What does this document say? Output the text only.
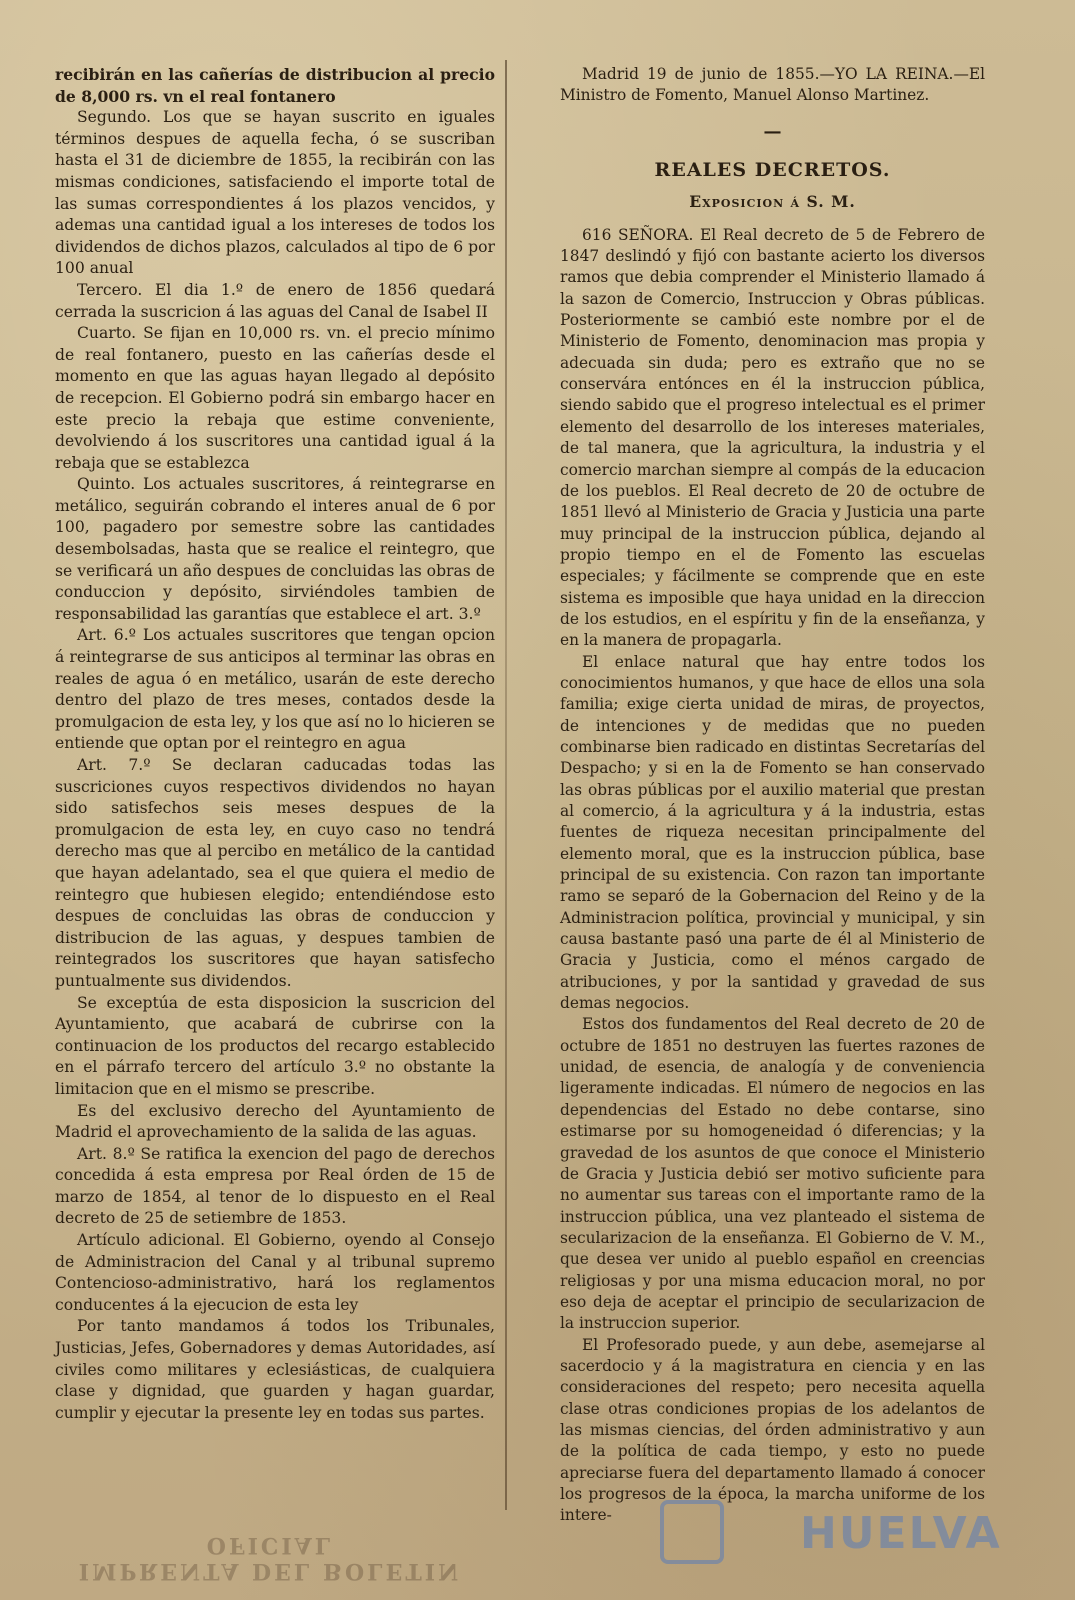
recibirán en las cañerías de distribucion al precio de 8,000 rs. vn el real fontanero

Segundo. Los que se hayan suscrito en iguales términos despues de aquella fecha, ó se suscriban hasta el 31 de diciembre de 1855, la recibirán con las mismas condiciones, satisfaciendo el importe total de las sumas correspondientes á los plazos vencidos, y ademas una cantidad igual a los intereses de todos los dividendos de dichos plazos, calculados al tipo de 6 por 100 anual

Tercero. El dia 1.º de enero de 1856 quedará cerrada la suscricion á las aguas del Canal de Isabel II

Cuarto. Se fijan en 10,000 rs. vn. el precio mínimo de real fontanero, puesto en las cañerías desde el momento en que las aguas hayan llegado al depósito de recepcion. El Gobierno podrá sin embargo hacer en este precio la rebaja que estime conveniente, devolviendo á los suscritores una cantidad igual á la rebaja que se establezca

Quinto. Los actuales suscritores, á reintegrarse en metálico, seguirán cobrando el interes anual de 6 por 100, pagadero por semestre sobre las cantidades desembolsadas, hasta que se realice el reintegro, que se verificará un año despues de concluidas las obras de conduccion y depósito, sirviéndoles tambien de responsabilidad las garantías que establece el art. 3.º

Art. 6.º Los actuales suscritores que tengan opcion á reintegrarse de sus anticipos al terminar las obras en reales de agua ó en metálico, usarán de este derecho dentro del plazo de tres meses, contados desde la promulgacion de esta ley, y los que así no lo hicieren se entiende que optan por el reintegro en agua

Art. 7.º Se declaran caducadas todas las suscriciones cuyos respectivos dividendos no hayan sido satisfechos seis meses despues de la promulgacion de esta ley, en cuyo caso no tendrá derecho mas que al percibo en metálico de la cantidad que hayan adelantado, sea el que quiera el medio de reintegro que hubiesen elegido; entendiéndose esto despues de concluidas las obras de conduccion y distribucion de las aguas, y despues tambien de reintegrados los suscritores que hayan satisfecho puntualmente sus dividendos.

Se exceptúa de esta disposicion la suscricion del Ayuntamiento, que acabará de cubrirse con la continuacion de los productos del recargo establecido en el párrafo tercero del artículo 3.º no obstante la limitacion que en el mismo se prescribe.

Es del exclusivo derecho del Ayuntamiento de Madrid el aprovechamiento de la salida de las aguas.

Art. 8.º Se ratifica la exencion del pago de derechos concedida á esta empresa por Real órden de 15 de marzo de 1854, al tenor de lo dispuesto en el Real decreto de 25 de setiembre de 1853.

Artículo adicional. El Gobierno, oyendo al Consejo de Administracion del Canal y al tribunal supremo Contencioso-administrativo, hará los reglamentos conducentes á la ejecucion de esta ley

Por tanto mandamos á todos los Tribunales, Justicias, Jefes, Gobernadores y demas Autoridades, así civiles como militares y eclesiásticas, de cualquiera clase y dignidad, que guarden y hagan guardar, cumplir y ejecutar la presente ley en todas sus partes.

Madrid 19 de junio de 1855.—YO LA REINA.—El Ministro de Fomento, Manuel Alonso Martinez.

—
REALES DECRETOS.
Exposicion á S. M.

616 SEÑORA. El Real decreto de 5 de Febrero de 1847 deslindó y fijó con bastante acierto los diversos ramos que debia comprender el Ministerio llamado á la sazon de Comercio, Instruccion y Obras públicas. Posteriormente se cambió este nombre por el de Ministerio de Fomento, denominacion mas propia y adecuada sin duda; pero es extraño que no se conservára entónces en él la instruccion pública, siendo sabido que el progreso intelectual es el primer elemento del desarrollo de los intereses materiales, de tal manera, que la agricultura, la industria y el comercio marchan siempre al compás de la educacion de los pueblos. El Real decreto de 20 de octubre de 1851 llevó al Ministerio de Gracia y Justicia una parte muy principal de la instruccion pública, dejando al propio tiempo en el de Fomento las escuelas especiales; y fácilmente se comprende que en este sistema es imposible que haya unidad en la direccion de los estudios, en el espíritu y fin de la enseñanza, y en la manera de propagarla.

El enlace natural que hay entre todos los conocimientos humanos, y que hace de ellos una sola familia; exige cierta unidad de miras, de proyectos, de intenciones y de medidas que no pueden combinarse bien radicado en distintas Secretarías del Despacho; y si en la de Fomento se han conservado las obras públicas por el auxilio material que prestan al comercio, á la agricultura y á la industria, estas fuentes de riqueza necesitan principalmente del elemento moral, que es la instruccion pública, base principal de su existencia. Con razon tan importante ramo se separó de la Gobernacion del Reino y de la Administracion política, provincial y municipal, y sin causa bastante pasó una parte de él al Ministerio de Gracia y Justicia, como el ménos cargado de atribuciones, y por la santidad y gravedad de sus demas negocios.

Estos dos fundamentos del Real decreto de 20 de octubre de 1851 no destruyen las fuertes razones de unidad, de esencia, de analogía y de conveniencia ligeramente indicadas. El número de negocios en las dependencias del Estado no debe contarse, sino estimarse por su homogeneidad ó diferencias; y la gravedad de los asuntos de que conoce el Ministerio de Gracia y Justicia debió ser motivo suficiente para no aumentar sus tareas con el importante ramo de la instruccion pública, una vez planteado el sistema de secularizacion de la enseñanza. El Gobierno de V. M., que desea ver unido al pueblo español en creencias religiosas y por una misma educacion moral, no por eso deja de aceptar el principio de secularizacion de la instruccion superior.

El Profesorado puede, y aun debe, asemejarse al sacerdocio y á la magistratura en ciencia y en las consideraciones del respeto; pero necesita aquella clase otras condiciones propias de los adelantos de las mismas ciencias, del órden administrativo y aun de la política de cada tiempo, y esto no puede apreciarse fuera del departamento llamado á conocer los progresos de la época, la marcha uniforme de los intere-

IMPRENTA DEL BOLETIN OFICIAL	HUELVA
